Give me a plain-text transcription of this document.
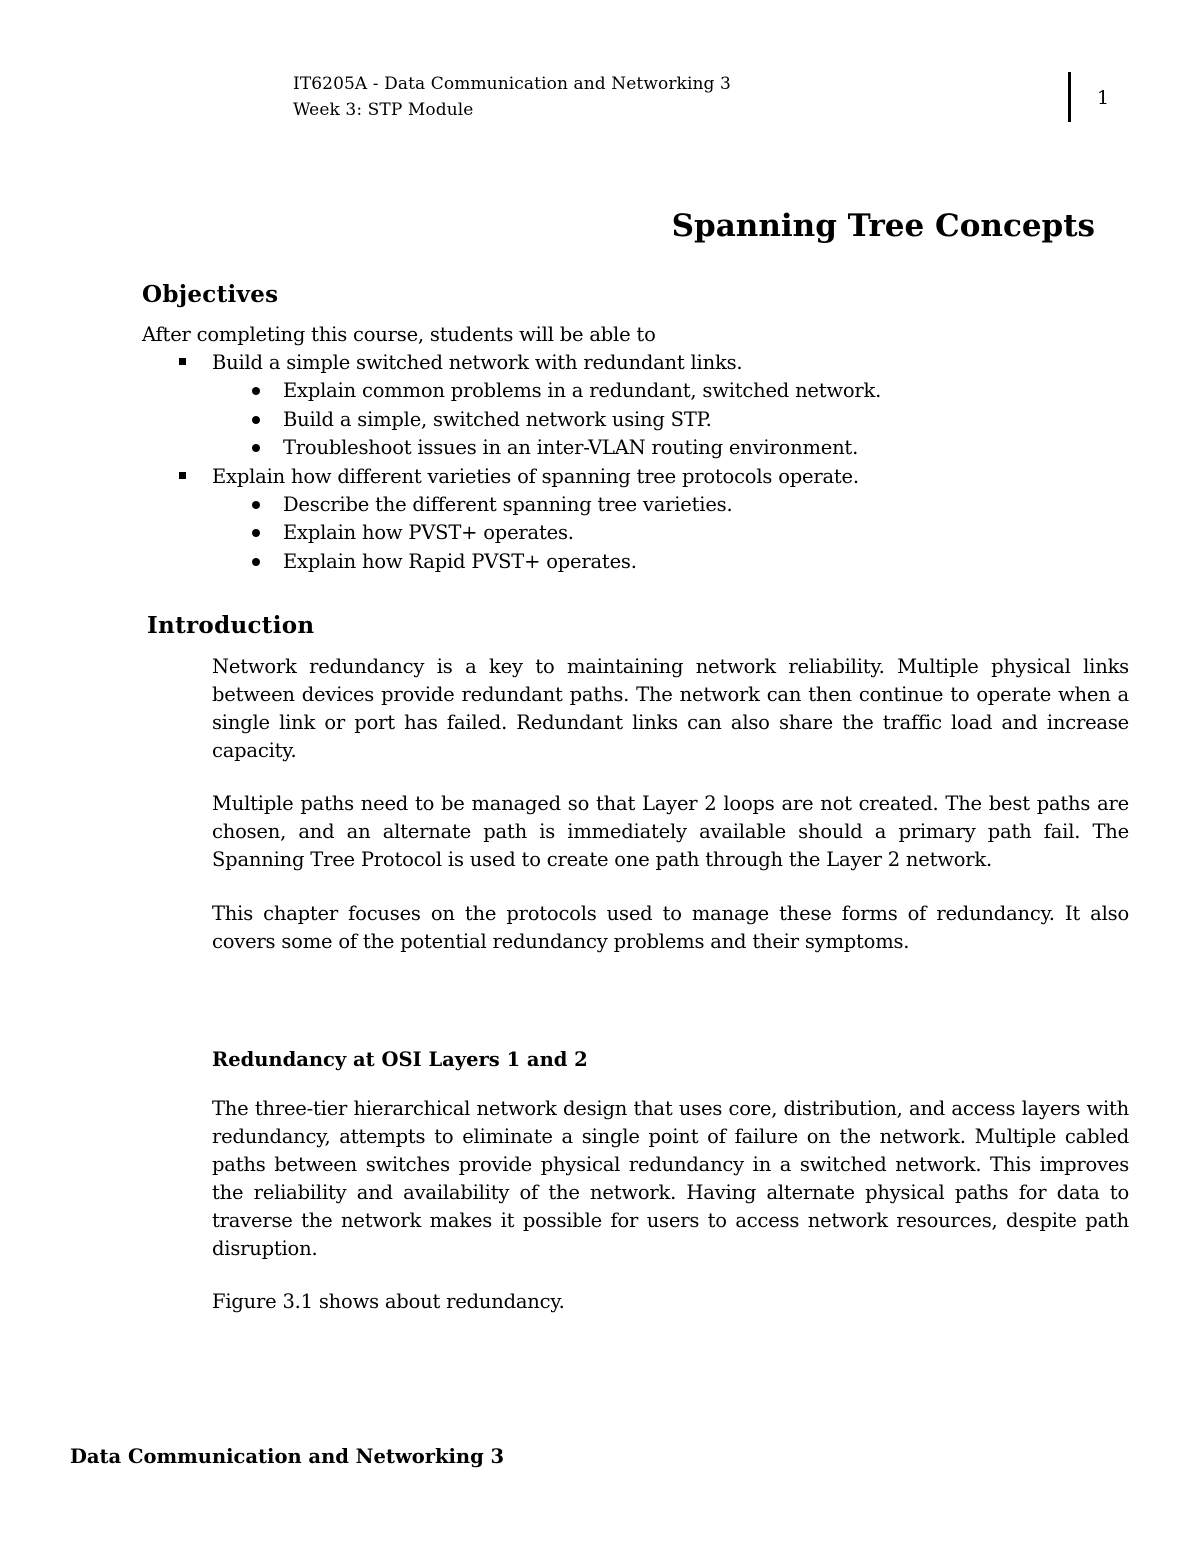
IT6205A - Data Communication and Networking 3
Week 3: STP Module
1
Spanning Tree Concepts
Objectives
After completing this course, students will be able to
Build a simple switched network with redundant links.
Explain common problems in a redundant, switched network.
Build a simple, switched network using STP.
Troubleshoot issues in an inter-VLAN routing environment.
Explain how different varieties of spanning tree protocols operate.
Describe the different spanning tree varieties.
Explain how PVST+ operates.
Explain how Rapid PVST+ operates.
Introduction

Network redundancy is a key to maintaining network reliability. Multiple physical links between devices provide redundant paths. The network can then continue to operate when a single link or port has failed. Redundant links can also share the traffic load and increase capacity.

Multiple paths need to be managed so that Layer 2 loops are not created. The best paths are chosen, and an alternate path is immediately available should a primary path fail. The Spanning Tree Protocol is used to create one path through the Layer 2 network.

This chapter focuses on the protocols used to manage these forms of redundancy. It also covers some of the potential redundancy problems and their symptoms.

Redundancy at OSI Layers 1 and 2

The three-tier hierarchical network design that uses core, distribution, and access layers with redundancy, attempts to eliminate a single point of failure on the network. Multiple cabled paths between switches provide physical redundancy in a switched network. This improves the reliability and availability of the network. Having alternate physical paths for data to traverse the network makes it possible for users to access network resources, despite path disruption.

Figure 3.1 shows about redundancy.

Data Communication and Networking 3
